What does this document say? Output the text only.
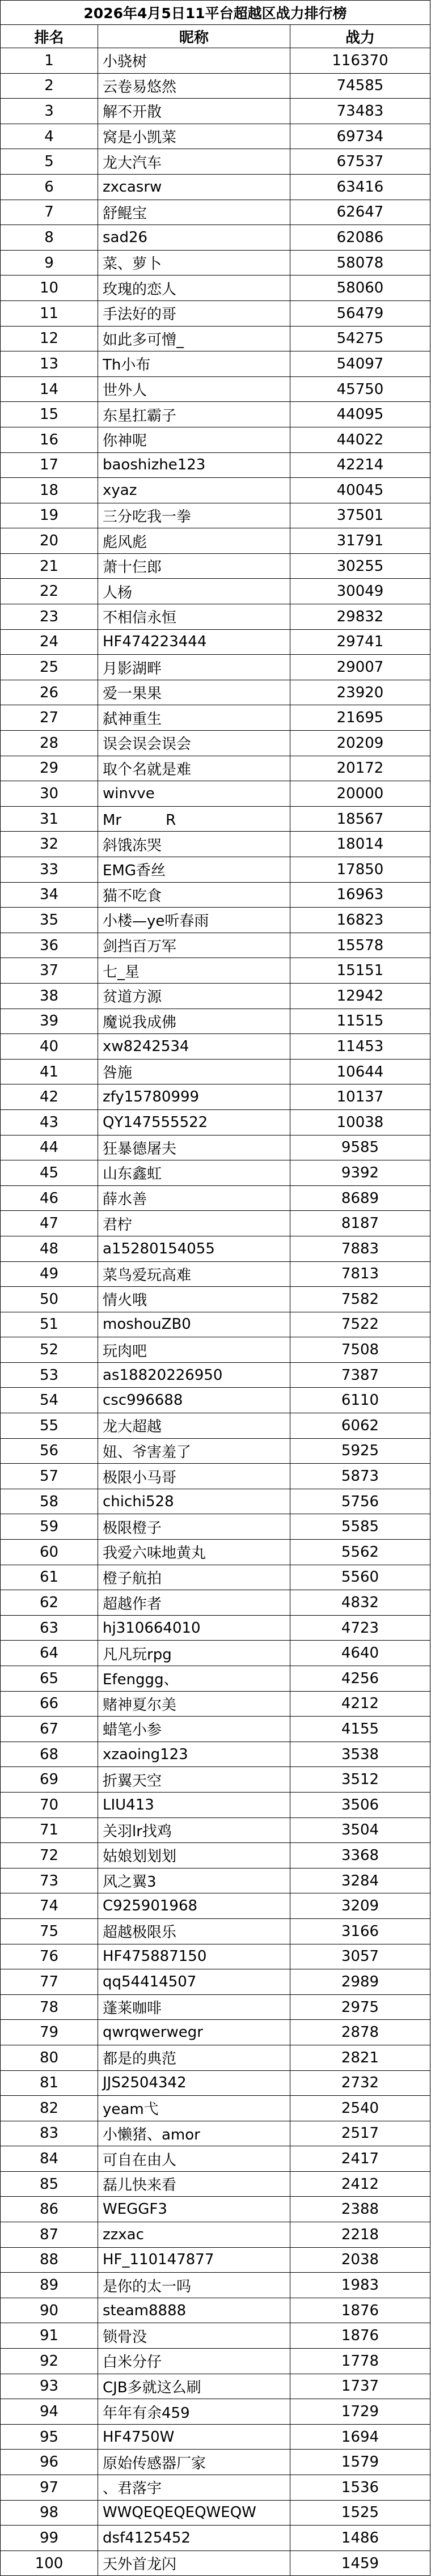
2026年4月5日11平台超越区战力排行榜
排名	昵称	战力
1	小骁树	116370
2	云卷易悠然	74585
3	解不开散	73483
4	窝是小凯菜	69734
5	龙大汽车	67537
6	zxcasrw	63416
7	舒鲲宝	62647
8	sad26	62086
9	菜、萝卜	58078
10	玫瑰的恋人	58060
11	手法好的哥	56479
12	如此多可憎_	54275
13	Th小布	54097
14	世外人	45750
15	东星扛霸子	44095
16	你神呢	44022
17	baoshizhe123	42214
18	xyaz	40045
19	三分吃我一拳	37501
20	彪风彪	31791
21	萧十仨郎	30255
22	人杨	30049
23	不相信永恒	29832
24	HF474223444	29741
25	月影湖畔	29007
26	爱一果果	23920
27	弑神重生	21695
28	误会误会误会	20209
29	取个名就是难	20172
30	winvve	20000
31	Mr　　　R	18567
32	斜饿冻哭	18014
33	EMG香丝	17850
34	猫不吃食	16963
35	小楼—ye听春雨	16823
36	剑挡百万军	15578
37	七_星	15151
38	贫道方源	12942
39	魔说我成佛	11515
40	xw8242534	11453
41	咎施	10644
42	zfy15780999	10137
43	QY147555522	10038
44	狂暴德屠夫	9585
45	山东鑫虹	9392
46	薛水善	8689
47	君柠	8187
48	a15280154055	7883
49	菜鸟爱玩高难	7813
50	情火哦	7582
51	moshouZB0	7522
52	玩肉吧	7508
53	as18820226950	7387
54	csc996688	6110
55	龙大超越	6062
56	妞、爷害羞了	5925
57	极限小马哥	5873
58	chichi528	5756
59	极限橙子	5585
60	我爱六味地黄丸	5562
61	橙子航拍	5560
62	超越作者	4832
63	hj310664010	4723
64	凡凡玩rpg	4640
65	Efenggg、	4256
66	赌神夏尔美	4212
67	蜡笔小参	4155
68	xzaoing123	3538
69	折翼天空	3512
70	LIU413	3506
71	关羽lr找鸡	3504
72	姑娘划划划	3368
73	风之翼3	3284
74	C925901968	3209
75	超越极限乐	3166
76	HF475887150	3057
77	qq54414507	2989
78	蓬莱咖啡	2975
79	qwrqwerwegr	2878
80	都是的典范	2821
81	JJS2504342	2732
82	yeam弋	2540
83	小懒猪、amor	2517
84	可自在由人	2417
85	磊儿快来看	2412
86	WEGGF3	2388
87	zzxac	2218
88	HF_110147877	2038
89	是你的太一吗	1983
90	steam8888	1876
91	锁骨没	1876
92	白米分仔	1778
93	CJB多就这么刷	1737
94	年年有余459	1729
95	HF4750W	1694
96	原始传感器厂家	1579
97	、君落宇	1536
98	WWQEQEQEQWEQW	1525
99	dsf4125452	1486
100	天外首龙闪	1459
